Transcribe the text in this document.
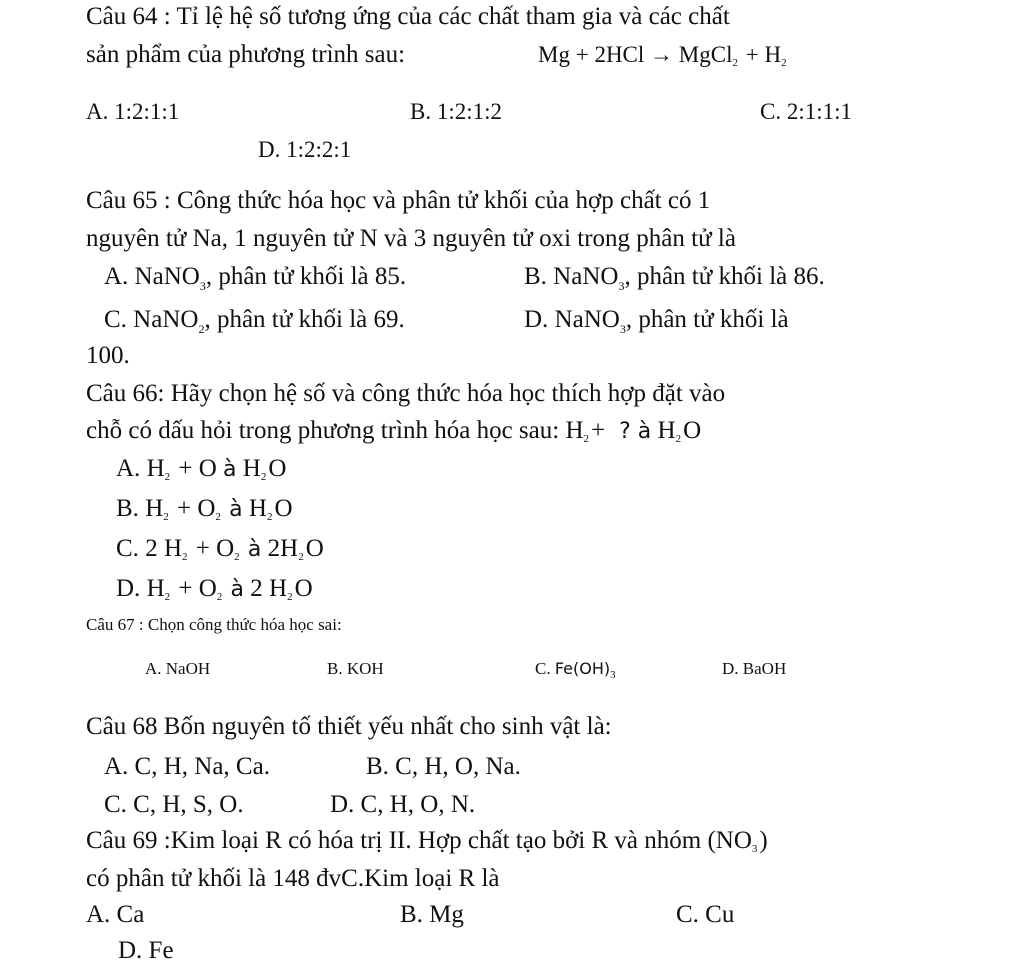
Câu 64 : Tỉ lệ hệ số tương ứng của các chất tham gia và các chất
sản phẩm của phương trình sau:	Mg + 2HCl → MgCl$_2$ + $H_2$
A. 1:2:1:1	B. 1:2:1:2	C. 2:1:1:1
D. 1:2:2:1
Câu 65 : Công thức hóa học và phân tử khối của hợp chất có 1
nguyên tử Na, 1 nguyên tử N và 3 nguyên tử oxi trong phân tử là
A. NaNO$_3$, phân tử khối là 85.	B. NaNO$_3$, phân tử khối là 86.
C. NaNO$_2$, phân tử khối là 69.	D. NaNO$_3$, phân tử khối là
100.
Câu 66: Hãy chọn hệ số và công thức hóa học thích hợp đặt vào
chỗ có dấu hỏi trong phương trình hóa học sau: $H_2+$ ? à $H_2O$
A. $H_2 + O$ à $H_2O$
B. $H_2 + O_2$ à $H_2O$
C. 2 $H_2 + O_2$ à $2H_2O$
D. $H_2 + O_2$ à 2 $H_2O$
Câu 67 : Chọn công thức hóa học sai:
A. NaOH	B. KOH	C. $Fe(OH)_3$	D. BaOH
Câu 68 Bốn nguyên tố thiết yếu nhất cho sinh vật là:
A. C, H, Na, Ca.	B. C, H, O, Na.
C. C, H, S, O.	D. C, H, O, N.
Câu 69 :Kim loại R có hóa trị II. Hợp chất tạo bởi R và nhóm $(NO_3)$
có phân tử khối là 148 đvC.Kim loại R là
A. Ca	B. Mg	C. Cu
D. Fe
